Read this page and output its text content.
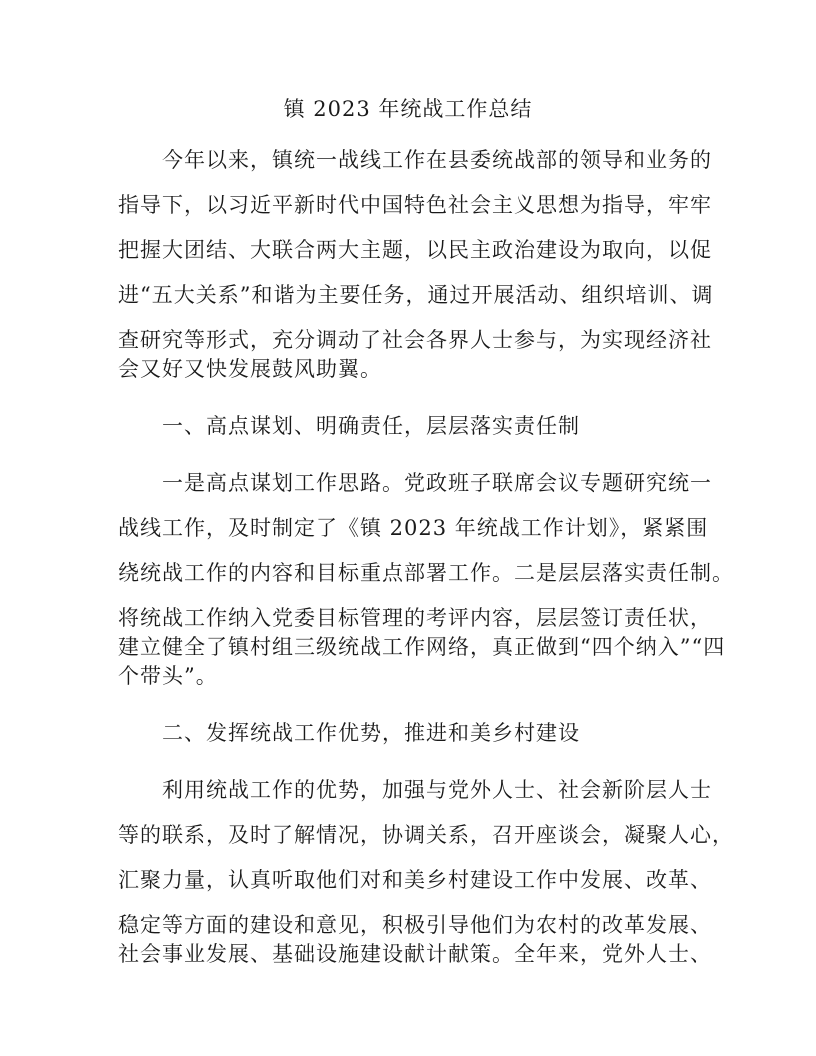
镇 2023 年统战工作总结
今年以来，镇统一战线工作在县委统战部的领导和业务的
指导下，以习近平新时代中国特色社会主义思想为指导，牢牢
把握大团结、大联合两大主题，以民主政治建设为取向，以促
进“五大关系”和谐为主要任务，通过开展活动、组织培训、调
查研究等形式，充分调动了社会各界人士参与，为实现经济社
会又好又快发展鼓风助翼。
一、高点谋划、明确责任，层层落实责任制
一是高点谋划工作思路。党政班子联席会议专题研究统一
战线工作，及时制定了《镇 2023 年统战工作计划》，紧紧围
绕统战工作的内容和目标重点部署工作。二是层层落实责任制。
将统战工作纳入党委目标管理的考评内容，层层签订责任状，
建立健全了镇村组三级统战工作网络，真正做到“四个纳入”“四
个带头”。
二、发挥统战工作优势，推进和美乡村建设
利用统战工作的优势，加强与党外人士、社会新阶层人士
等的联系，及时了解情况，协调关系，召开座谈会，凝聚人心，
汇聚力量，认真听取他们对和美乡村建设工作中发展、改革、
稳定等方面的建设和意见，积极引导他们为农村的改革发展、
社会事业发展、基础设施建设献计献策。全年来，党外人士、
